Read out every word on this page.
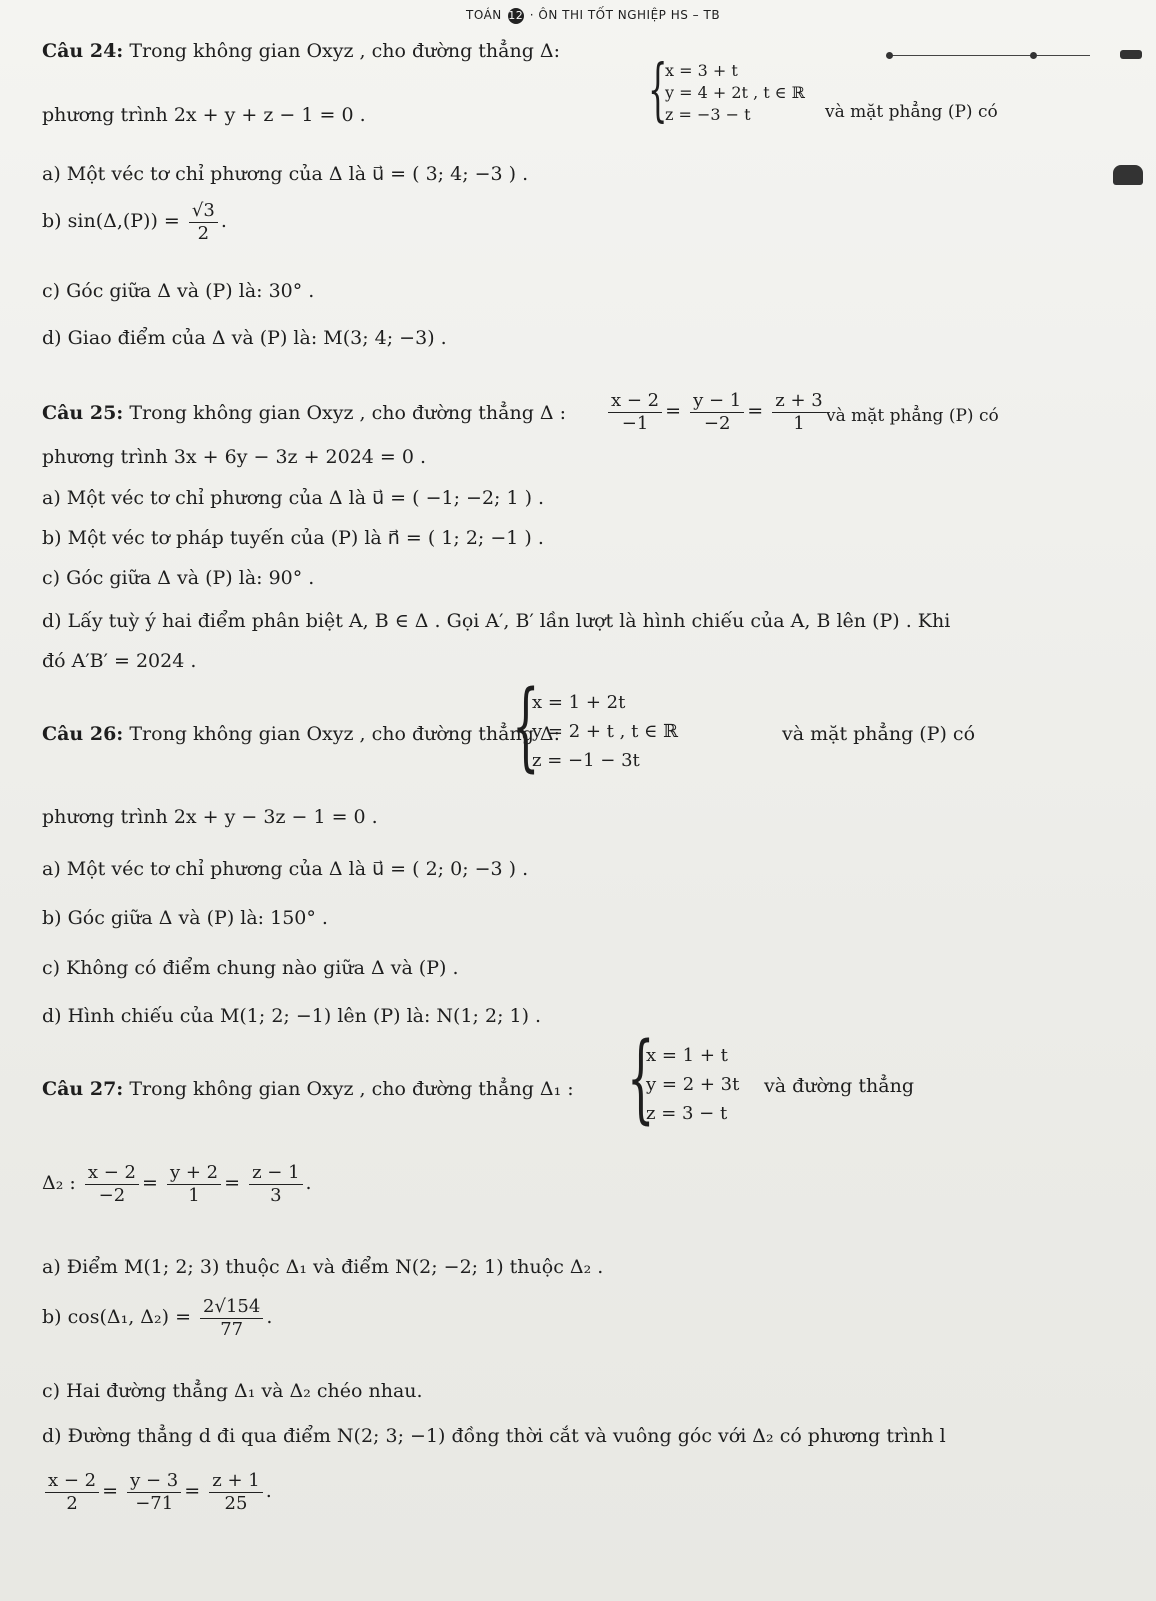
TOÁN 12 · ÔN THI TỐT NGHIỆP HS – TB
Câu 24: Trong không gian Oxyz , cho đường thẳng Δ: {
x = 3 + t
y = 4 + 2t , t ∈ ℝ
z = −3 − t	và mặt phẳng (P) có
phương trình 2x + y + z − 1 = 0 .
a) Một véc tơ chỉ phương của Δ là u⃗ = ( 3; 4; −3 ) .
b) $\sin(\Delta,(P)) = \frac{√3}{2}$ .
c) Góc giữa Δ và (P) là: 30° .
d) Giao điểm của Δ và (P) là: M(3; 4; −3) .
Câu 25: Trong không gian Oxyz , cho đường thẳng Δ : $\frac{x - 2}{-1} = \frac{y - 1}{-2} = \frac{z + 3}{1}$ và mặt phẳng (P) có
phương trình 3x + 6y − 3z + 2024 = 0 .
a) Một véc tơ chỉ phương của Δ là u⃗ = ( −1; −2; 1 ) .
b) Một véc tơ pháp tuyến của (P) là n⃗ = ( 1; 2; −1 ) .
c) Góc giữa Δ và (P) là: 90° .
d) Lấy tuỳ ý hai điểm phân biệt A, B ∈ Δ . Gọi A′, B′ lần lượt là hình chiếu của A, B lên (P) . Khi
đó A′B′ = 2024 .
Câu 26: Trong không gian Oxyz , cho đường thẳng Δ:
{
x = 1 + 2t
y = 2 + t , t ∈ ℝ
z = −1 − 3t
và mặt phẳng (P) có
phương trình 2x + y − 3z − 1 = 0 .
a) Một véc tơ chỉ phương của Δ là u⃗ = ( 2; 0; −3 ) .
b) Góc giữa Δ và (P) là: 150° .
c) Không có điểm chung nào giữa Δ và (P) .
d) Hình chiếu của M(1; 2; −1) lên (P) là: N(1; 2; 1) .
Câu 27: Trong không gian Oxyz , cho đường thẳng Δ₁ : {
x = 1 + t
y = 2 + 3t
z = 3 − t
và đường thẳng
Δ₂ : $\frac{x - 2}{-2} = \frac{y + 2}{1} = \frac{z - 1}{3}$ .
a) Điểm M(1; 2; 3) thuộc Δ₁ và điểm N(2; −2; 1) thuộc Δ₂ .
b) cos(Δ₁, $\Delta_2) = \frac{2√154}{77}$ .
c) Hai đường thẳng Δ₁ và Δ₂ chéo nhau.
d) Đường thẳng d đi qua điểm N(2; 3; −1) đồng thời cắt và vuông góc với Δ₂ có phương trình l
$\frac{x - 2}{2} = \frac{y - 3}{-71} = \frac{z + 1}{25}$ .
